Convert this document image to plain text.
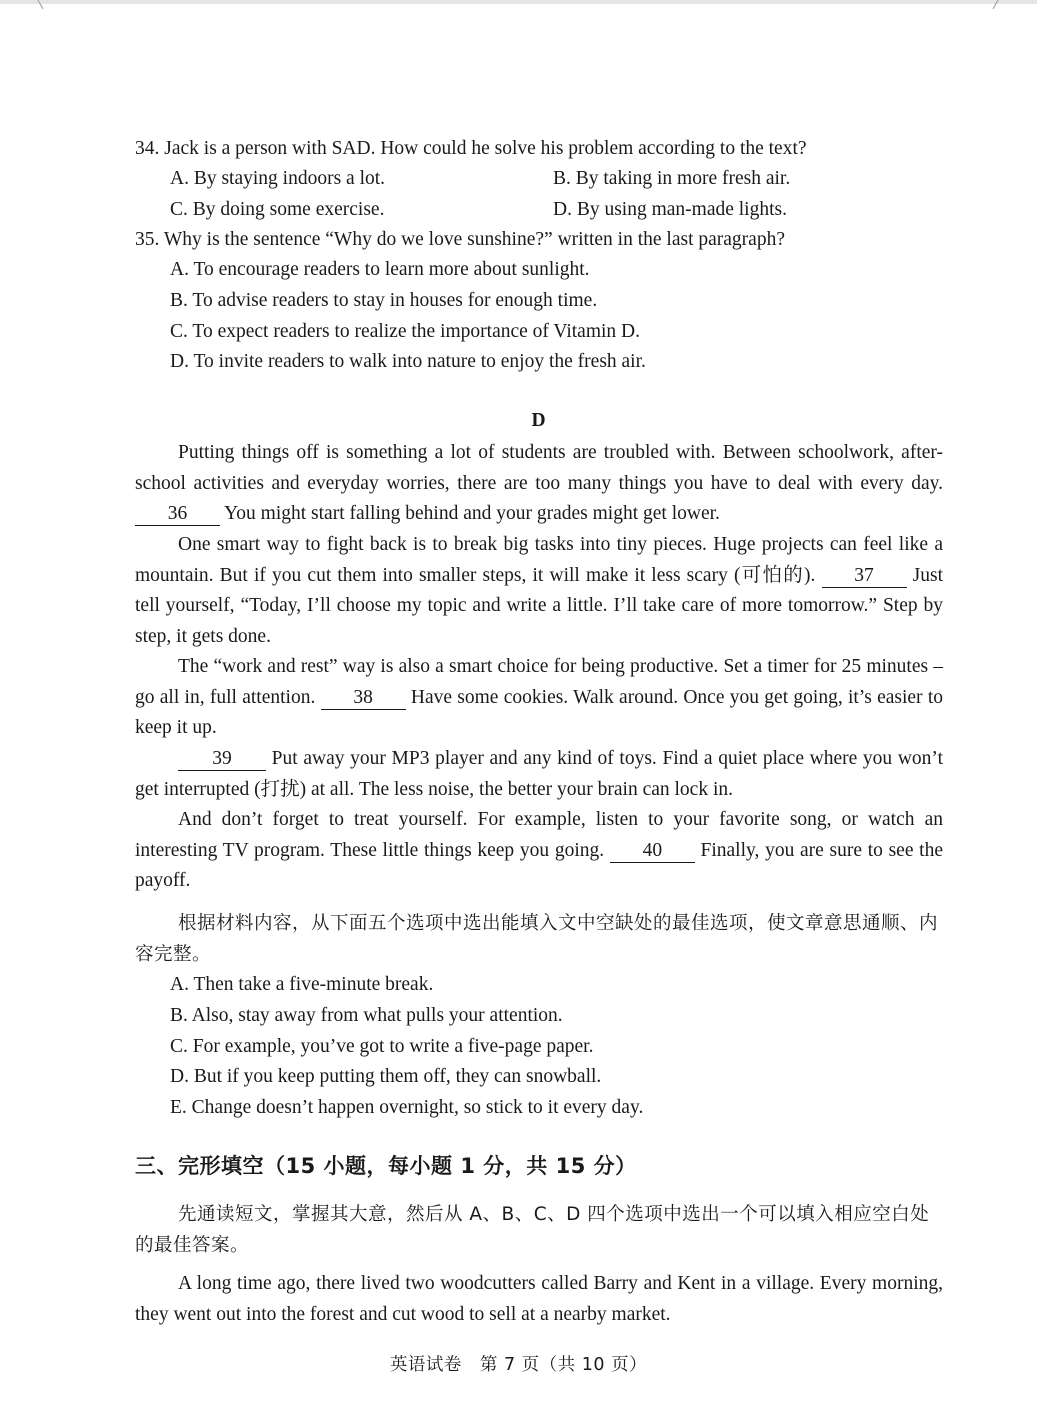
34. Jack is a person with SAD. How could he solve his problem according to the text?
A. By staying indoors a lot.	B. By taking in more fresh air.
C. By doing some exercise.	D. By using man-made lights.
35. Why is the sentence “Why do we love sunshine?” written in the last paragraph?
A. To encourage readers to learn more about sunlight.
B. To advise readers to stay in houses for enough time.
C. To expect readers to realize the importance of Vitamin D.
D. To invite readers to walk into nature to enjoy the fresh air.
D
Putting things off is something a lot of students are troubled with. Between schoolwork, after-school activities and everyday worries, there are too many things you have to deal with every day. 36 You might start falling behind and your grades might get lower.
One smart way to fight back is to break big tasks into tiny pieces. Huge projects can feel like a mountain. But if you cut them into smaller steps, it will make it less scary (可怕的). 37 Just tell yourself, “Today, I’ll choose my topic and write a little. I’ll take care of more tomorrow.” Step by step, it gets done.
The “work and rest” way is also a smart choice for being productive. Set a timer for 25 minutes – go all in, full attention. 38 Have some cookies. Walk around. Once you get going, it’s easier to keep it up.
39 Put away your MP3 player and any kind of toys. Find a quiet place where you won’t get interrupted (打扰) at all. The less noise, the better your brain can lock in.
And don’t forget to treat yourself. For example, listen to your favorite song, or watch an interesting TV program. These little things keep you going. 40 Finally, you are sure to see the payoff.
根据材料内容，从下面五个选项中选出能填入文中空缺处的最佳选项，使文章意思通顺、内容完整。
A. Then take a five-minute break.
B. Also, stay away from what pulls your attention.
C. For example, you’ve got to write a five-page paper.
D. But if you keep putting them off, they can snowball.
E. Change doesn’t happen overnight, so stick to it every day.
三、完形填空（15 小题，每小题 1 分，共 15 分）
先通读短文，掌握其大意，然后从 A、B、C、D 四个选项中选出一个可以填入相应空白处的最佳答案。
A long time ago, there lived two woodcutters called Barry and Kent in a village. Every morning, they went out into the forest and cut wood to sell at a nearby market.
英语试卷　第 7 页（共 10 页）
